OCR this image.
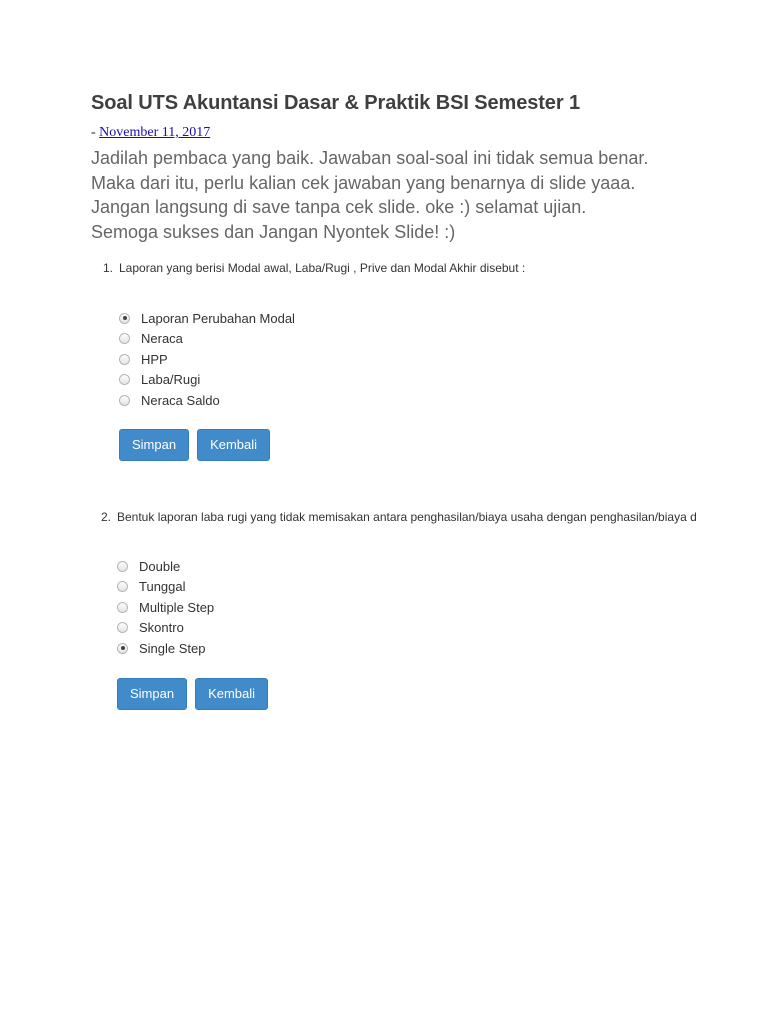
Soal UTS Akuntansi Dasar & Praktik BSI Semester 1
- November 11, 2017
Jadilah pembaca yang baik. Jawaban soal-soal ini tidak semua benar.
Maka dari itu, perlu kalian cek jawaban yang benarnya di slide yaaa.
Jangan langsung di save tanpa cek slide. oke :) selamat ujian.
Semoga sukses dan Jangan Nyontek Slide! :)
1. Laporan yang berisi Modal awal, Laba/Rugi , Prive dan Modal Akhir disebut :
Laporan Perubahan Modal
Neraca
HPP
Laba/Rugi
Neraca Saldo
Simpan	Kembali
2. Bentuk laporan laba rugi yang tidak memisakan antara penghasilan/biaya usaha dengan penghasilan/biaya d
Double
Tunggal
Multiple Step
Skontro
Single Step
Simpan	Kembali
